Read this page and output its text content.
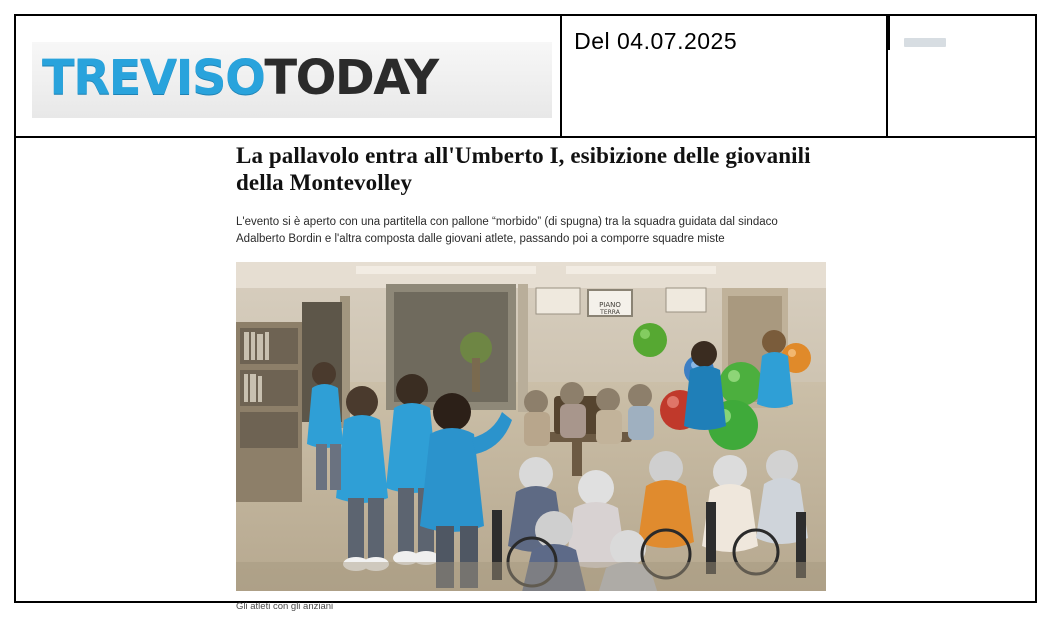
TREVISOTODAY

Del 04.07.2025

La pallavolo entra all'Umberto I, esibizione delle giovanili della Montevolley

L'evento si è aperto con una partitella con pallone “morbido” (di spugna) tra la squadra guidata dal sindaco Adalberto Bordin e l'altra composta dalle giovani atlete, passando poi a comporre squadre miste

PIANO
TERRA
Gli atleti con gli anziani
